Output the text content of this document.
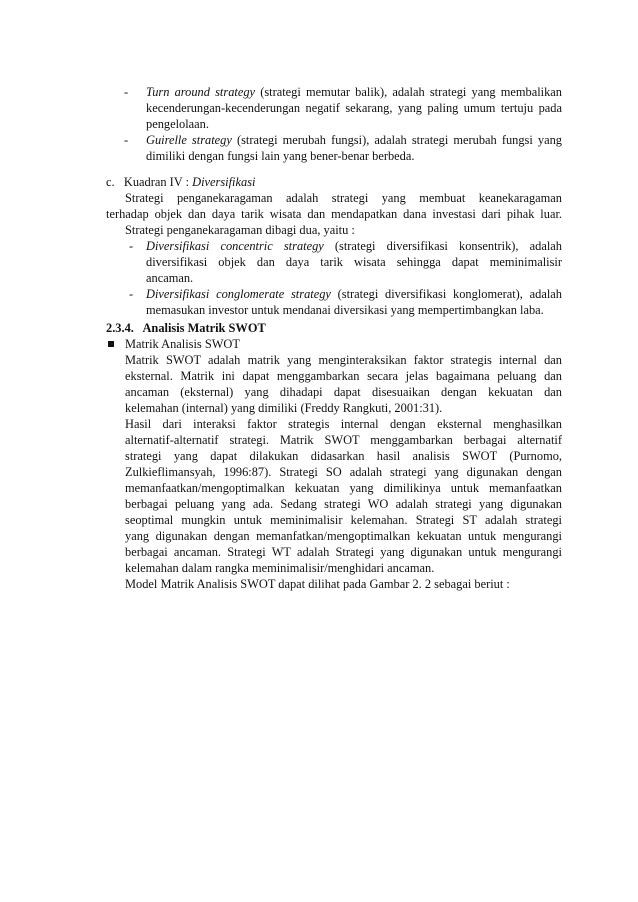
- Turn around strategy (strategi memutar balik), adalah strategi yang membalikan

kecenderungan-kecenderungan negatif sekarang, yang paling umum tertuju pada

pengelolaan.

- Guirelle strategy (strategi merubah fungsi), adalah strategi merubah fungsi yang

dimiliki dengan fungsi lain yang bener-benar berbeda.

c.   Kuadran IV : Diversifikasi

Strategi penganekaragaman adalah strategi yang membuat keanekaragaman

terhadap objek dan daya tarik wisata dan mendapatkan dana investasi dari pihak luar.

Strategi penganekaragaman dibagi dua, yaitu :

- Diversifikasi concentric strategy (strategi diversifikasi konsentrik), adalah

diversifikasi objek dan daya tarik wisata sehingga dapat meminimalisir

ancaman.

- Diversifikasi conglomerate strategy (strategi diversifikasi konglomerat), adalah

memasukan investor untuk mendanai diversikasi yang mempertimbangkan laba.

2.3.4.   Analisis Matrik SWOT

Matrik Analisis SWOT

Matrik SWOT adalah matrik yang menginteraksikan faktor strategis internal dan

eksternal. Matrik ini dapat menggambarkan secara jelas bagaimana peluang dan

ancaman (eksternal) yang dihadapi dapat disesuaikan dengan kekuatan dan

kelemahan (internal) yang dimiliki (Freddy Rangkuti, 2001:31).

Hasil dari interaksi faktor strategis internal dengan eksternal menghasilkan

alternatif-alternatif strategi. Matrik SWOT menggambarkan berbagai alternatif

strategi yang dapat dilakukan didasarkan hasil analisis SWOT (Purnomo,

Zulkieflimansyah, 1996:87). Strategi SO adalah strategi yang digunakan dengan

memanfaatkan/mengoptimalkan kekuatan yang dimilikinya untuk memanfaatkan

berbagai peluang yang ada. Sedang strategi WO adalah strategi yang digunakan

seoptimal mungkin untuk meminimalisir kelemahan. Strategi ST adalah strategi

yang digunakan dengan memanfatkan/mengoptimalkan kekuatan untuk mengurangi

berbagai ancaman. Strategi WT adalah Strategi yang digunakan untuk mengurangi

kelemahan dalam rangka meminimalisir/menghidari ancaman.

Model Matrik Analisis SWOT dapat dilihat pada Gambar 2. 2 sebagai beriut :
